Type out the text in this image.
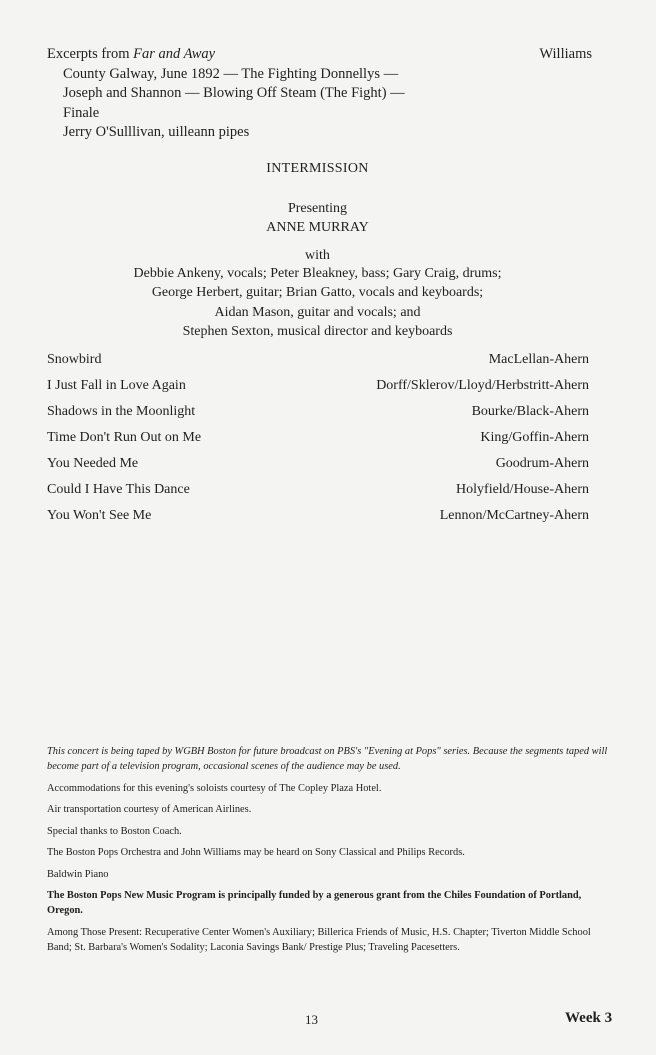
Excerpts from Far and Away	Williams
County Galway, June 1892 — The Fighting Donnellys —
Joseph and Shannon — Blowing Off Steam (The Fight) —
Finale
Jerry O'Sulllivan, uilleann pipes
INTERMISSION
Presenting
ANNE MURRAY
with
Debbie Ankeny, vocals; Peter Bleakney, bass; Gary Craig, drums;
George Herbert, guitar; Brian Gatto, vocals and keyboards;
Aidan Mason, guitar and vocals; and
Stephen Sexton, musical director and keyboards
Snowbird	MacLellan-Ahern
I Just Fall in Love Again	Dorff/Sklerov/Lloyd/Herbstritt-Ahern
Shadows in the Moonlight	Bourke/Black-Ahern
Time Don't Run Out on Me	King/Goffin-Ahern
You Needed Me	Goodrum-Ahern
Could I Have This Dance	Holyfield/House-Ahern
You Won't See Me	Lennon/McCartney-Ahern

This concert is being taped by WGBH Boston for future broadcast on PBS's "Evening at Pops" series. Because the segments taped will become part of a television program, occasional scenes of the audience may be used.

Accommodations for this evening's soloists courtesy of The Copley Plaza Hotel.

Air transportation courtesy of American Airlines.

Special thanks to Boston Coach.

The Boston Pops Orchestra and John Williams may be heard on Sony Classical and Philips Records.

Baldwin Piano

The Boston Pops New Music Program is principally funded by a generous grant from the Chiles Foundation of Portland, Oregon.

Among Those Present: Recuperative Center Women's Auxiliary; Billerica Friends of Music, H.S. Chapter; Tiverton Middle School Band; St. Barbara's Women's Sodality; Laconia Savings Bank/ Prestige Plus; Traveling Pacesetters.

13	Week 3
